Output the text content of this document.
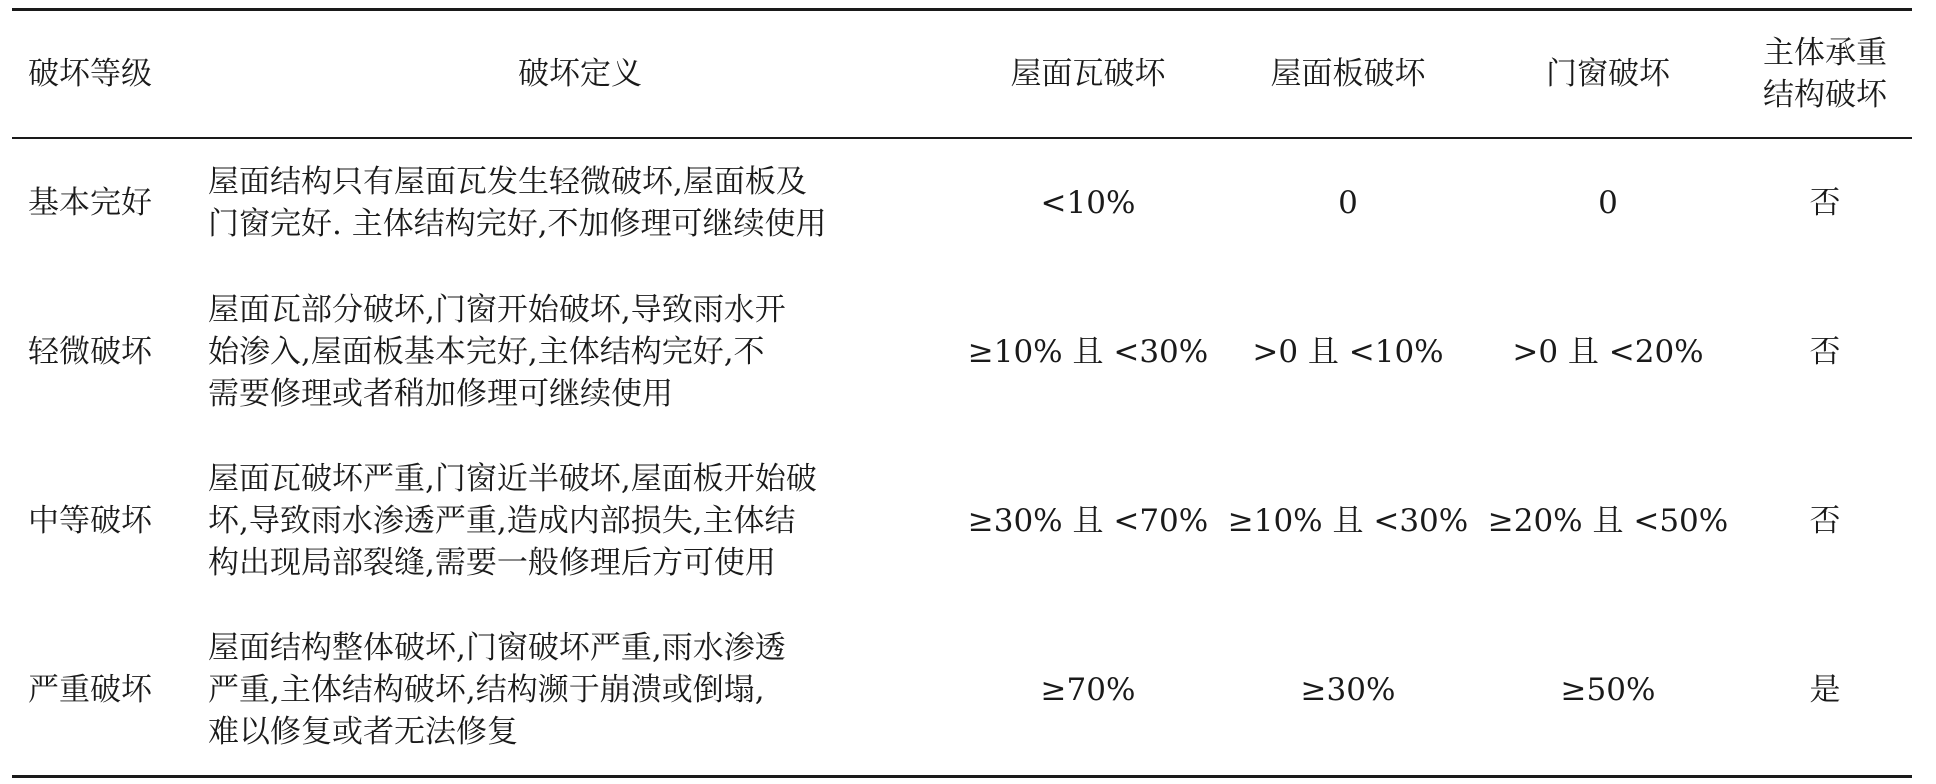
破坏等级	破坏定义	屋面瓦破坏	屋面板破坏	门窗破坏	主体承重
结构破坏

基本完好	屋面结构只有屋面瓦发生轻微破坏,屋面板及
门窗完好. 主体结构完好,不加修理可继续使用	<10%	0	0	否
轻微破坏	屋面瓦部分破坏,门窗开始破坏,导致雨水开
始渗入,屋面板基本完好,主体结构完好,不
需要修理或者稍加修理可继续使用	≥10% 且 <30%	>0 且 <10%	>0 且 <20%	否
中等破坏	屋面瓦破坏严重,门窗近半破坏,屋面板开始破
坏,导致雨水渗透严重,造成内部损失,主体结
构出现局部裂缝,需要一般修理后方可使用	≥30% 且 <70%	≥10% 且 <30%	≥20% 且 <50%	否
严重破坏	屋面结构整体破坏,门窗破坏严重,雨水渗透
严重,主体结构破坏,结构濒于崩溃或倒塌,
难以修复或者无法修复	≥70%	≥30%	≥50%	是
